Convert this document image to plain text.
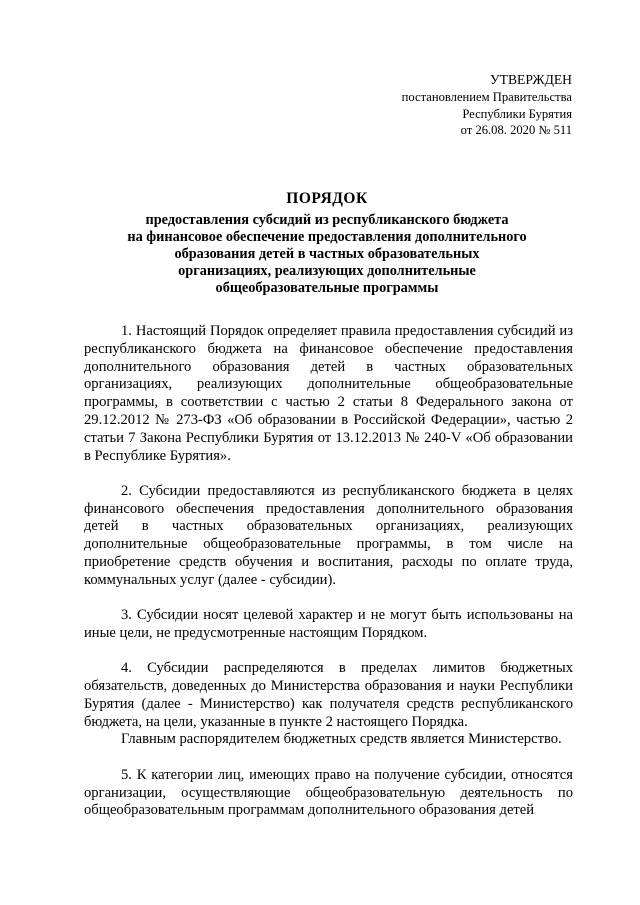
УТВЕРЖДЕН
постановлением Правительства
Республики Бурятия
от 26.08. 2020 № 511
ПОРЯДОК
предоставления субсидий из республиканского бюджета
на финансовое обеспечение предоставления дополнительного
образования детей в частных образовательных
организациях, реализующих дополнительные
общеобразовательные программы

1. Настоящий Порядок определяет правила предоставления субсидий из республиканского бюджета на финансовое обеспечение предоставления дополнительного образования детей в частных образовательных организациях, реализующих дополнительные общеобразовательные программы, в соответствии с частью 2 статьи 8 Федерального закона от 29.12.2012 № 273-ФЗ «Об образовании в Российской Федерации», частью 2 статьи 7 Закона Республики Бурятия от 13.12.2013 № 240-V «Об образовании в Республике Бурятия».

2. Субсидии предоставляются из республиканского бюджета в целях финансового обеспечения предоставления дополнительного образования детей в частных образовательных организациях, реализующих дополнительные общеобразовательные программы, в том числе на приобретение средств обучения и воспитания, расходы по оплате труда, коммунальных услуг (далее - субсидии).

3. Субсидии носят целевой характер и не могут быть использованы на иные цели, не предусмотренные настоящим Порядком.

4. Субсидии распределяются в пределах лимитов бюджетных обязательств, доведенных до Министерства образования и науки Республики Бурятия (далее - Министерство) как получателя средств республиканского бюджета, на цели, указанные в пункте 2 настоящего Порядка.

Главным распорядителем бюджетных средств является Министерство.

5. К категории лиц, имеющих право на получение субсидии, относятся организации, осуществляющие общеобразовательную деятельность по общеобразовательным программам дополнительного образования детей
